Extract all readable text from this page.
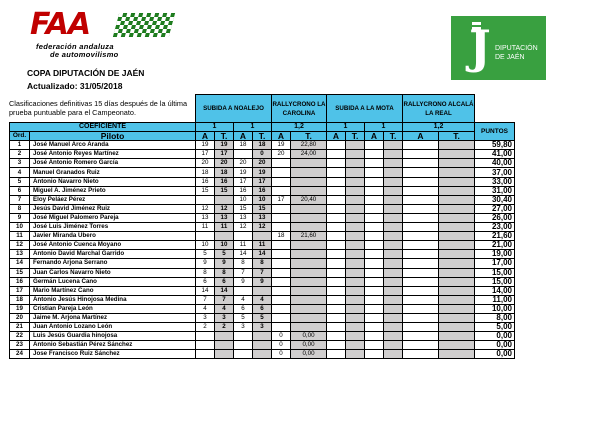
FAA
federación andaluza
de automovilismo
COPA DIPUTACIÓN DE JAÉN
Actualizado: 31/05/2018
Clasificaciones definitivas 15 días después de la última prueba puntuable para el Campeonato.
J DIPUTACIÓN
DE JAÉN
		SUBIDA A NOALEJO				RALLYCRONO LA CAROLINA		SUBIDA A LA MOTA				RALLYCRONO ALCALÁ LA REAL		
COEFICIENTE		1		1		1,2		1		1		1,2		PUNTOS
Ord.	Piloto	A	T.	A	T.	A	T.	A	T.	A	T.	A	T.	
1	José Manuel Arco Aranda	19	19	18	18	19	22,80							59,80
2	José Antonio Reyes Martínez	17	17		0	20	24,00							41,00
3	José Antonio Romero García	20	20	20	20									40,00
4	Manuel Granados Ruiz	18	18	19	19									37,00
5	Antonio Navarro Nieto	16	16	17	17									33,00
6	Miguel A. Jiménez Prieto	15	15	16	16									31,00
7	Eloy Peláez Pérez			10	10	17	20,40							30,40
8	Jesús David Jiménez Ruiz	12	12	15	15									27,00
9	José Miguel Palomero Pareja	13	13	13	13									26,00
10	José Luis Jiménez Torres	11	11	12	12									23,00
11	Javier Miranda Ubero					18	21,60							21,60
12	José Antonio Cuenca Moyano	10	10	11	11									21,00
13	Antonio David Marchal Garrido	5	5	14	14									19,00
14	Fernando Arjona Serrano	9	9	8	8									17,00
15	Juan Carlos Navarro Nieto	8	8	7	7									15,00
16	Germán Lucena Cano	6	6	9	9									15,00
17	Mario Martínez Cano	14	14											14,00
18	Antonio Jesús Hinojosa Medina	7	7	4	4									11,00
19	Cristian Pareja León	4	4	6	6									10,00
20	Jaime M. Arjona Martínez	3	3	5	5									8,00
21	Juan Antonio Lozano León	2	2	3	3									5,00
22	Luis Jesús Guardia hinojosa					0	0,00							0,00
23	Antonio Sebastián Pérez Sánchez					0	0,00							0,00
24	Jose Francisco Ruiz Sánchez					0	0,00							0,00
